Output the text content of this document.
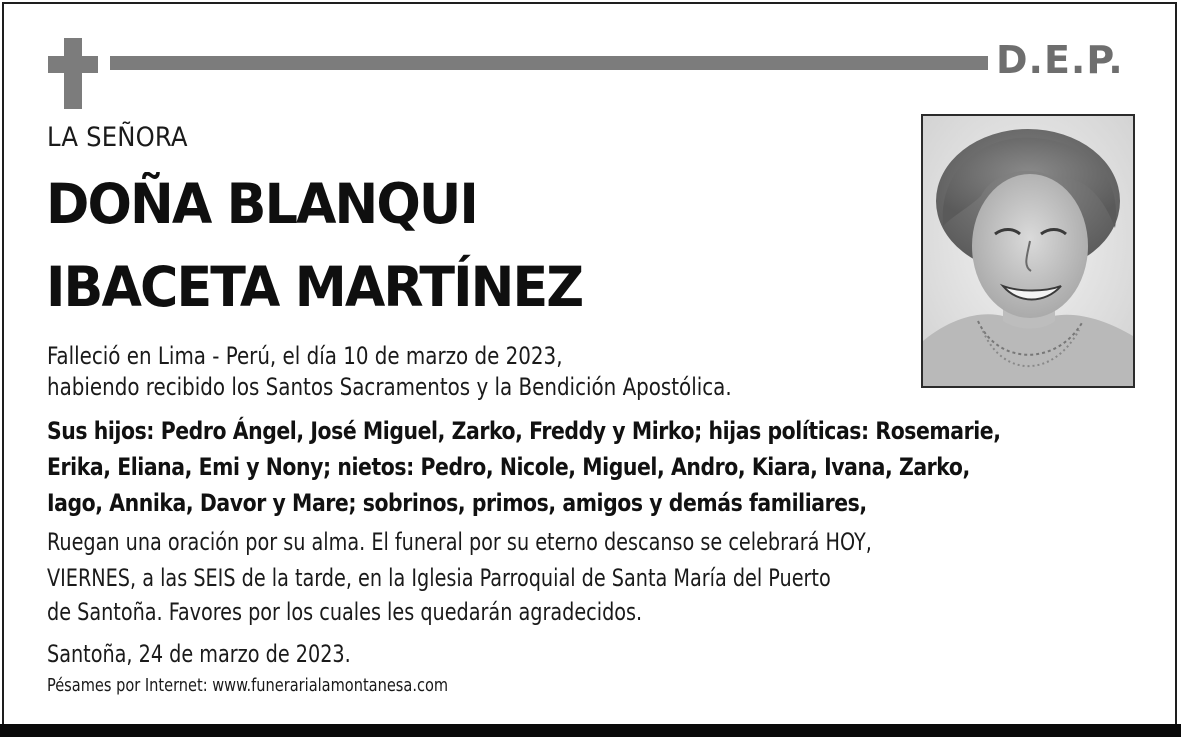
D.E.P.
LA SEÑORA
DOÑA BLANQUI
IBACETA MARTÍNEZ
Falleció en Lima - Perú, el día 10 de marzo de 2023,
habiendo recibido los Santos Sacramentos y la Bendición Apostólica.
Sus hijos: Pedro Ángel, José Miguel, Zarko, Freddy y Mirko; hijas políticas: Rosemarie,
Erika, Eliana, Emi y Nony; nietos: Pedro, Nicole, Miguel, Andro, Kiara, Ivana, Zarko,
Iago, Annika, Davor y Mare; sobrinos, primos, amigos y demás familiares,
Ruegan una oración por su alma. El funeral por su eterno descanso se celebrará HOY,
VIERNES, a las SEIS de la tarde, en la Iglesia Parroquial de Santa María del Puerto
de Santoña. Favores por los cuales les quedarán agradecidos.
Santoña, 24 de marzo de 2023.
Pésames por Internet: www.funerarialamontanesa.com
